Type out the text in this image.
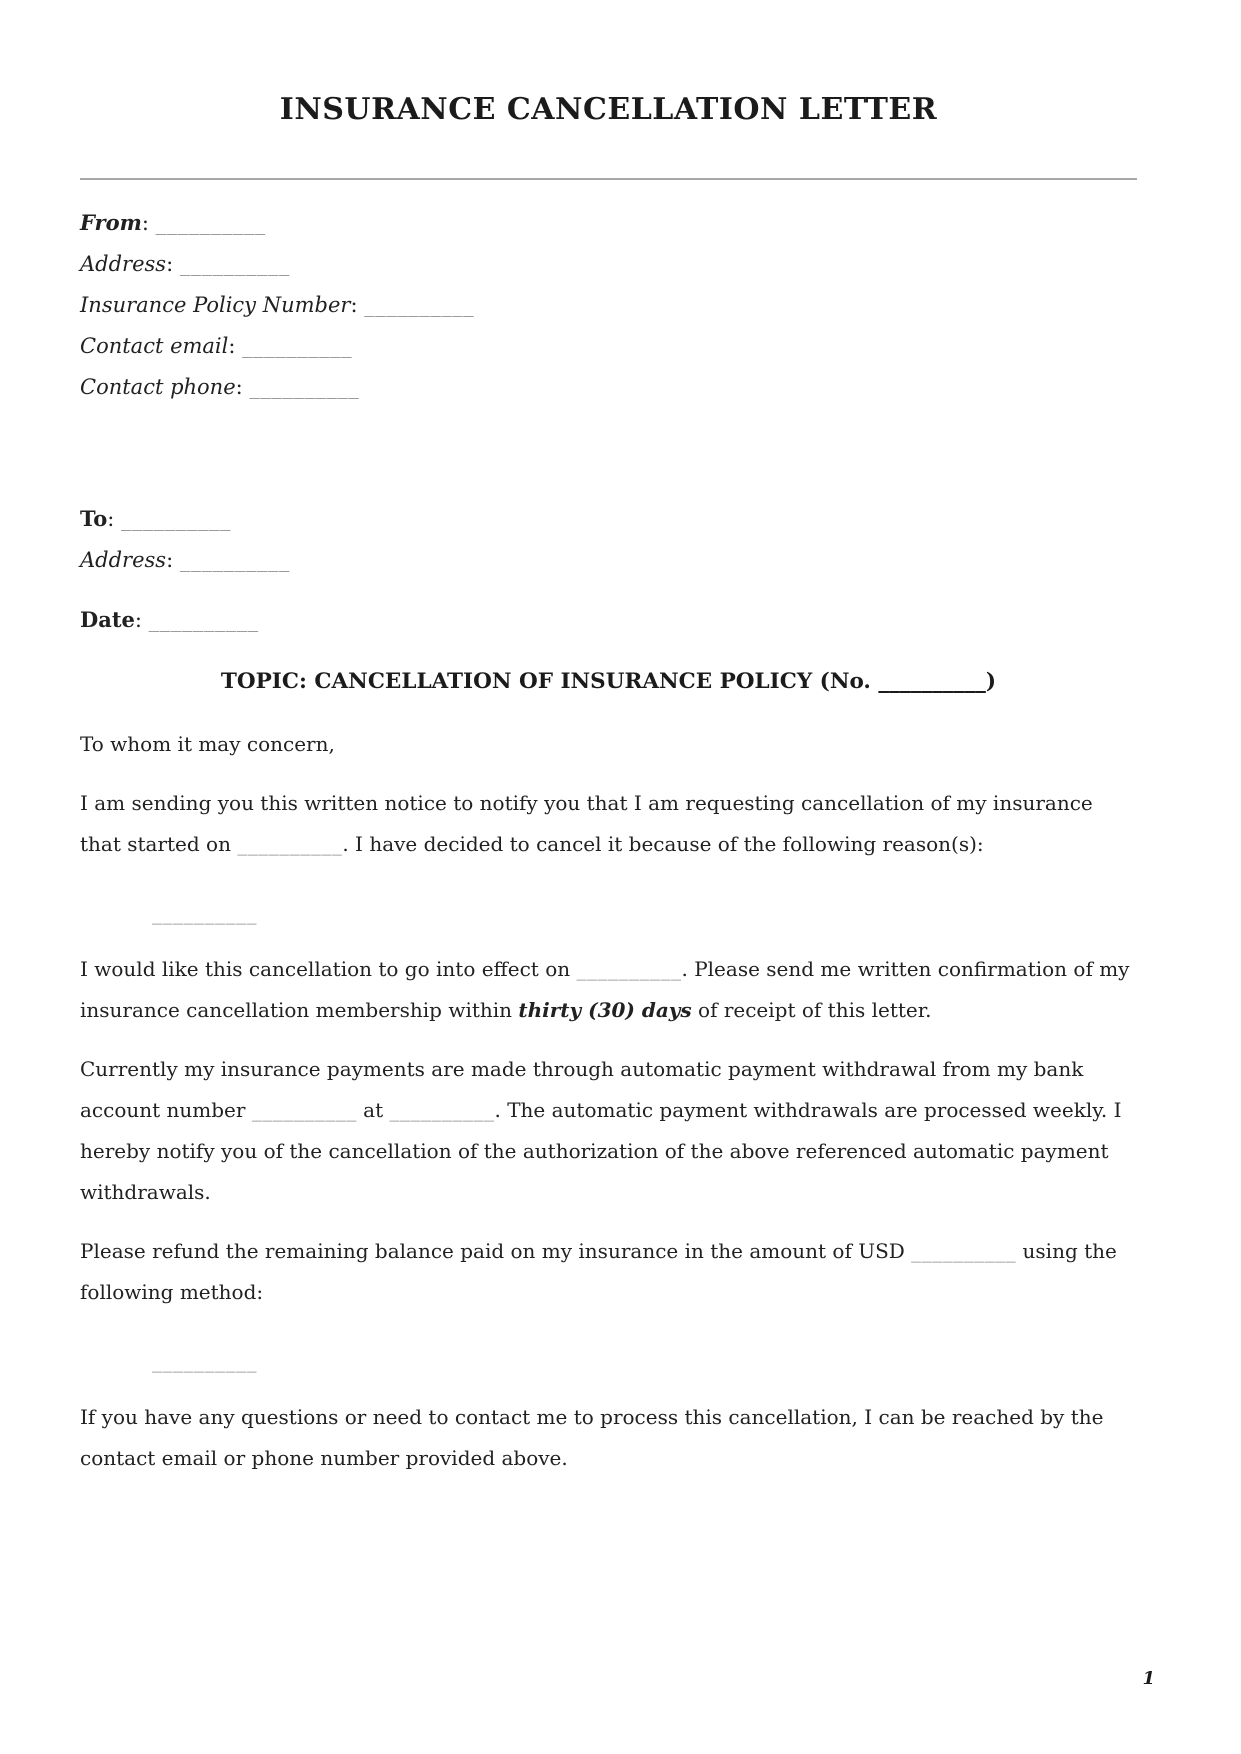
INSURANCE CANCELLATION LETTER

From: __________

Address: __________

Insurance Policy Number: __________

Contact email: __________

Contact phone: __________

To: __________

Address: __________

Date: __________

TOPIC: CANCELLATION OF INSURANCE POLICY (No. __________)

To whom it may concern,

I am sending you this written notice to notify you that I am requesting cancellation of my insurance that started on __________. I have decided to cancel it because of the following reason(s):

__________

I would like this cancellation to go into effect on __________. Please send me written confirmation of my insurance cancellation membership within thirty (30) days of receipt of this letter.

Currently my insurance payments are made through automatic payment withdrawal from my bank account number __________ at __________. The automatic payment withdrawals are processed weekly. I hereby notify you of the cancellation of the authorization of the above referenced automatic payment withdrawals.

Please refund the remaining balance paid on my insurance in the amount of USD __________ using the following method:

__________

If you have any questions or need to contact me to process this cancellation, I can be reached by the contact email or phone number provided above.

1
